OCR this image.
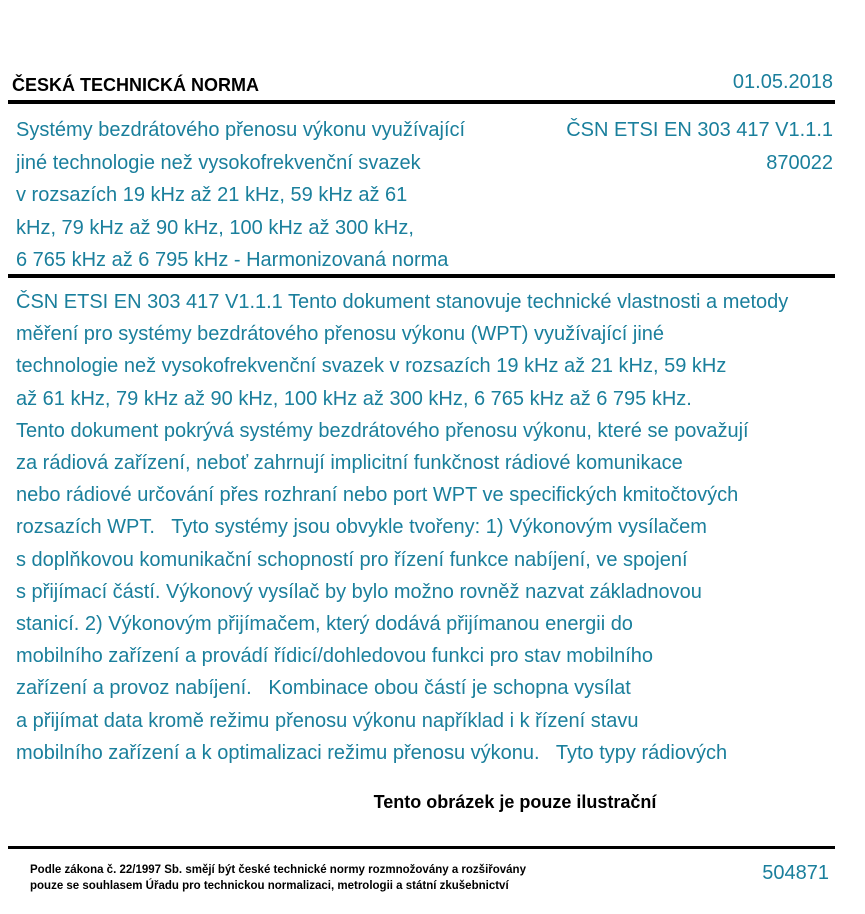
ČESKÁ TECHNICKÁ NORMA	01.05.2018
Systémy bezdrátového přenosu výkonu využívající
jiné technologie než vysokofrekvenční svazek
v rozsazích 19 kHz až 21 kHz, 59 kHz až 61
kHz, 79 kHz až 90 kHz, 100 kHz až 300 kHz,
6 765 kHz až 6 795 kHz - Harmonizovaná norma
ČSN ETSI EN 303 417 V1.1.1
870022
ČSN ETSI EN 303 417 V1.1.1 Tento dokument stanovuje technické vlastnosti a metody
měření pro systémy bezdrátového přenosu výkonu (WPT) využívající jiné
technologie než vysokofrekvenční svazek v rozsazích 19 kHz až 21 kHz, 59 kHz
až 61 kHz, 79 kHz až 90 kHz, 100 kHz až 300 kHz, 6 765 kHz až 6 795 kHz.
Tento dokument pokrývá systémy bezdrátového přenosu výkonu, které se považují
za rádiová zařízení, neboť zahrnují implicitní funkčnost rádiové komunikace
nebo rádiové určování přes rozhraní nebo port WPT ve specifických kmitočtových
rozsazích WPT.   Tyto systémy jsou obvykle tvořeny: 1) Výkonovým vysílačem
s doplňkovou komunikační schopností pro řízení funkce nabíjení, ve spojení
s přijímací částí. Výkonový vysílač by bylo možno rovněž nazvat základnovou
stanicí. 2) Výkonovým přijímačem, který dodává přijímanou energii do
mobilního zařízení a provádí řídicí/dohledovou funkci pro stav mobilního
zařízení a provoz nabíjení.   Kombinace obou částí je schopna vysílat
a přijímat data kromě režimu přenosu výkonu například i k řízení stavu
mobilního zařízení a k optimalizaci režimu přenosu výkonu.   Tyto typy rádiových
Tento obrázek je pouze ilustrační
Podle zákona č. 22/1997 Sb. smějí být české technické normy rozmnožovány a rozšiřovány
pouze se souhlasem Úřadu pro technickou normalizaci, metrologii a státní zkušebnictví
504871
